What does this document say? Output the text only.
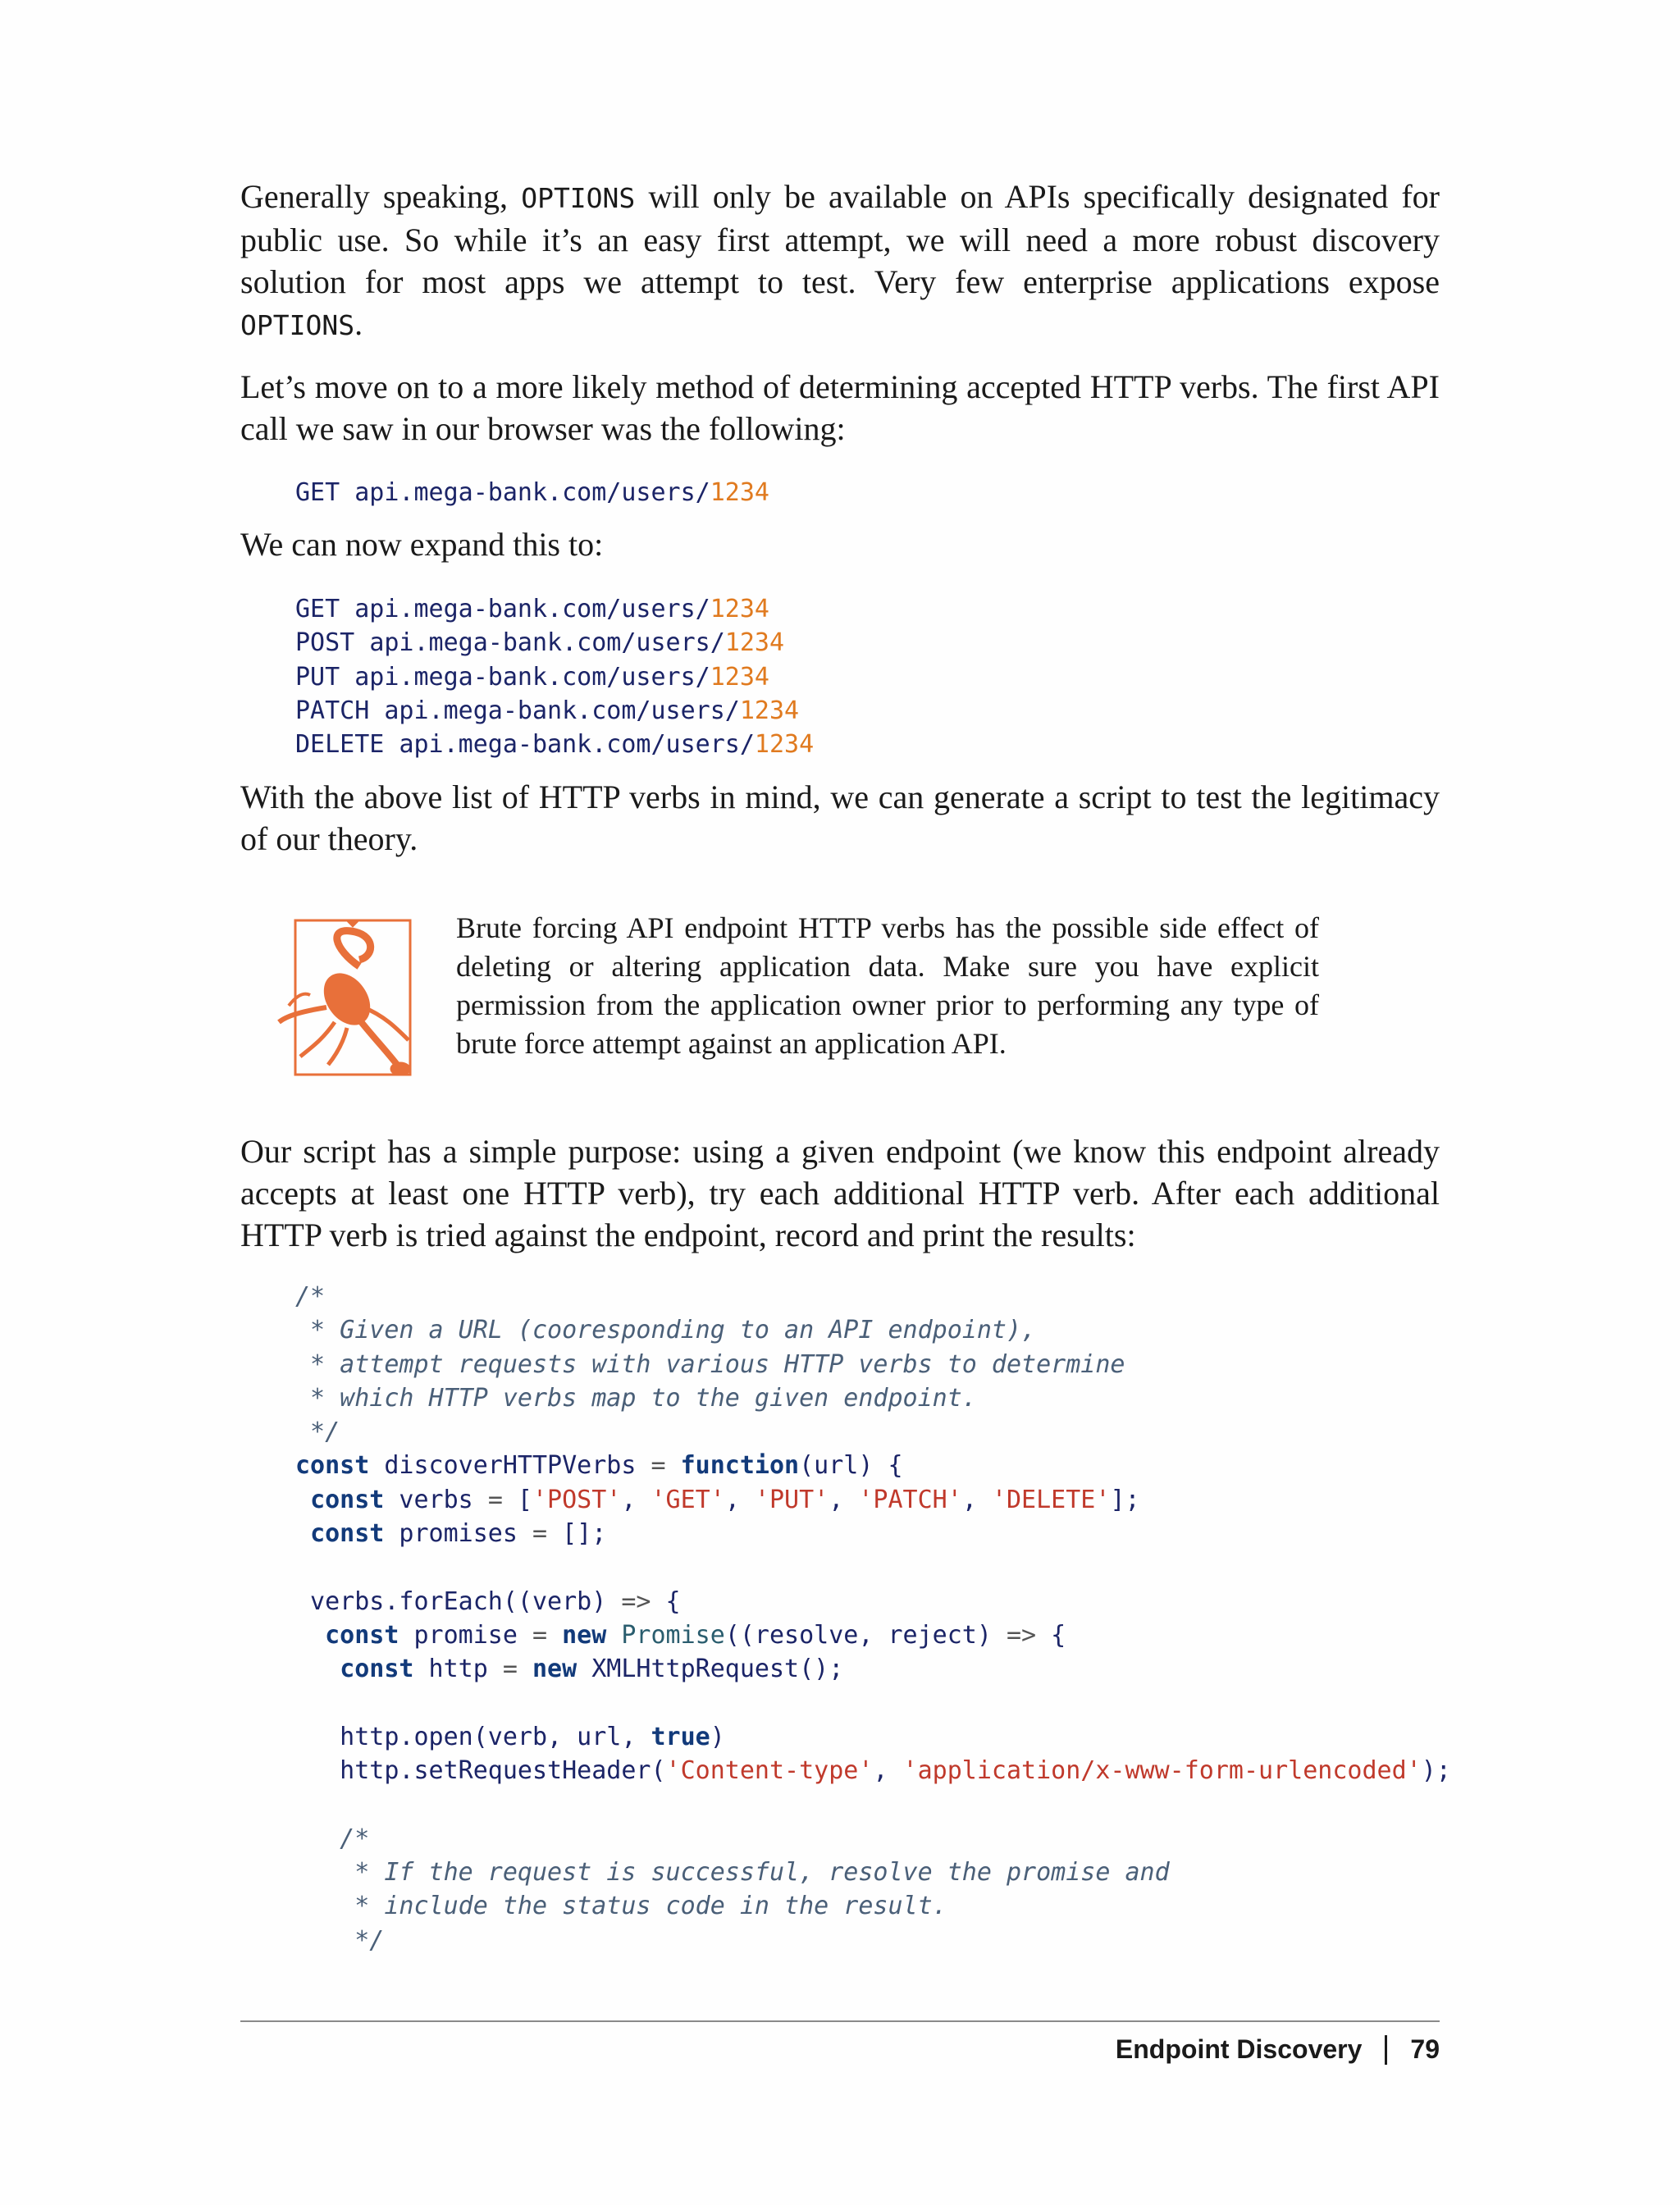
Generally speaking, OPTIONS will only be available on APIs specifically designated for public use. So while it’s an easy first attempt, we will need a more robust discovery solution for most apps we attempt to test. Very few enterprise applications expose OPTIONS.

Let’s move on to a more likely method of determining accepted HTTP verbs. The first API call we saw in our browser was the following:

GET api.mega-bank.com/users/1234

We can now expand this to:

GET api.mega-bank.com/users/1234
POST api.mega-bank.com/users/1234
PUT api.mega-bank.com/users/1234
PATCH api.mega-bank.com/users/1234
DELETE api.mega-bank.com/users/1234

With the above list of HTTP verbs in mind, we can generate a script to test the legitimacy of our theory.

Brute forcing API endpoint HTTP verbs has the possible side effect of deleting or altering application data. Make sure you have explicit permission from the application owner prior to performing any type of brute force attempt against an application API.

Our script has a simple purpose: using a given endpoint (we know this endpoint already accepts at least one HTTP verb), try each additional HTTP verb. After each additional HTTP verb is tried against the endpoint, record and print the results:

/*
* Given a URL (cooresponding to an API endpoint),
* attempt requests with various HTTP verbs to determine
* which HTTP verbs map to the given endpoint.
*/
const discoverHTTPVerbs = function(url) {
const verbs = ['POST', 'GET', 'PUT', 'PATCH', 'DELETE'];
const promises = [];

verbs.forEach((verb) => {
const promise = new Promise((resolve, reject) => {
const http = new XMLHttpRequest();

http.open(verb, url, true)
http.setRequestHeader('Content-type', 'application/x-www-form-urlencoded');

/*
* If the request is successful, resolve the promise and
* include the status code in the result.
*/
Endpoint Discovery 79
